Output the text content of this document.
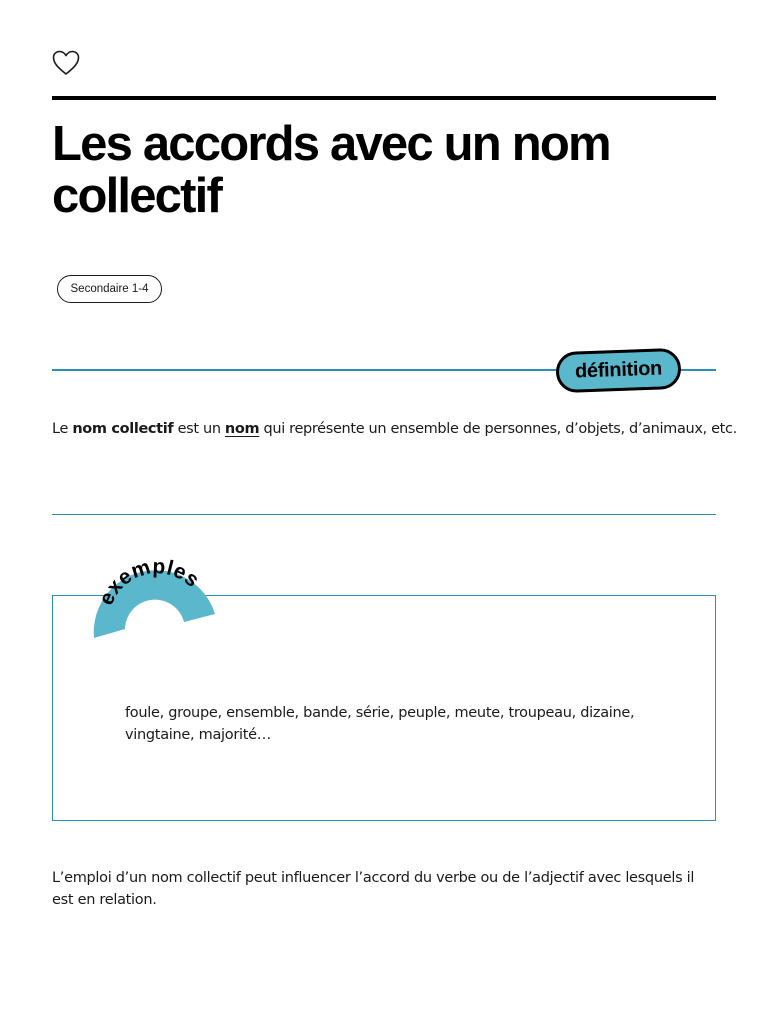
Les accords avec un nom collectif
Secondaire 1-4
définition

Le nom collectif est un nom qui représente un ensemble de personnes, d’objets, d’animaux, etc.

exemples

foule, groupe, ensemble, bande, série, peuple, meute, troupeau, dizaine, vingtaine, majorité…

L’emploi d’un nom collectif peut influencer l’accord du verbe ou de l’adjectif avec lesquels il est en relation.
